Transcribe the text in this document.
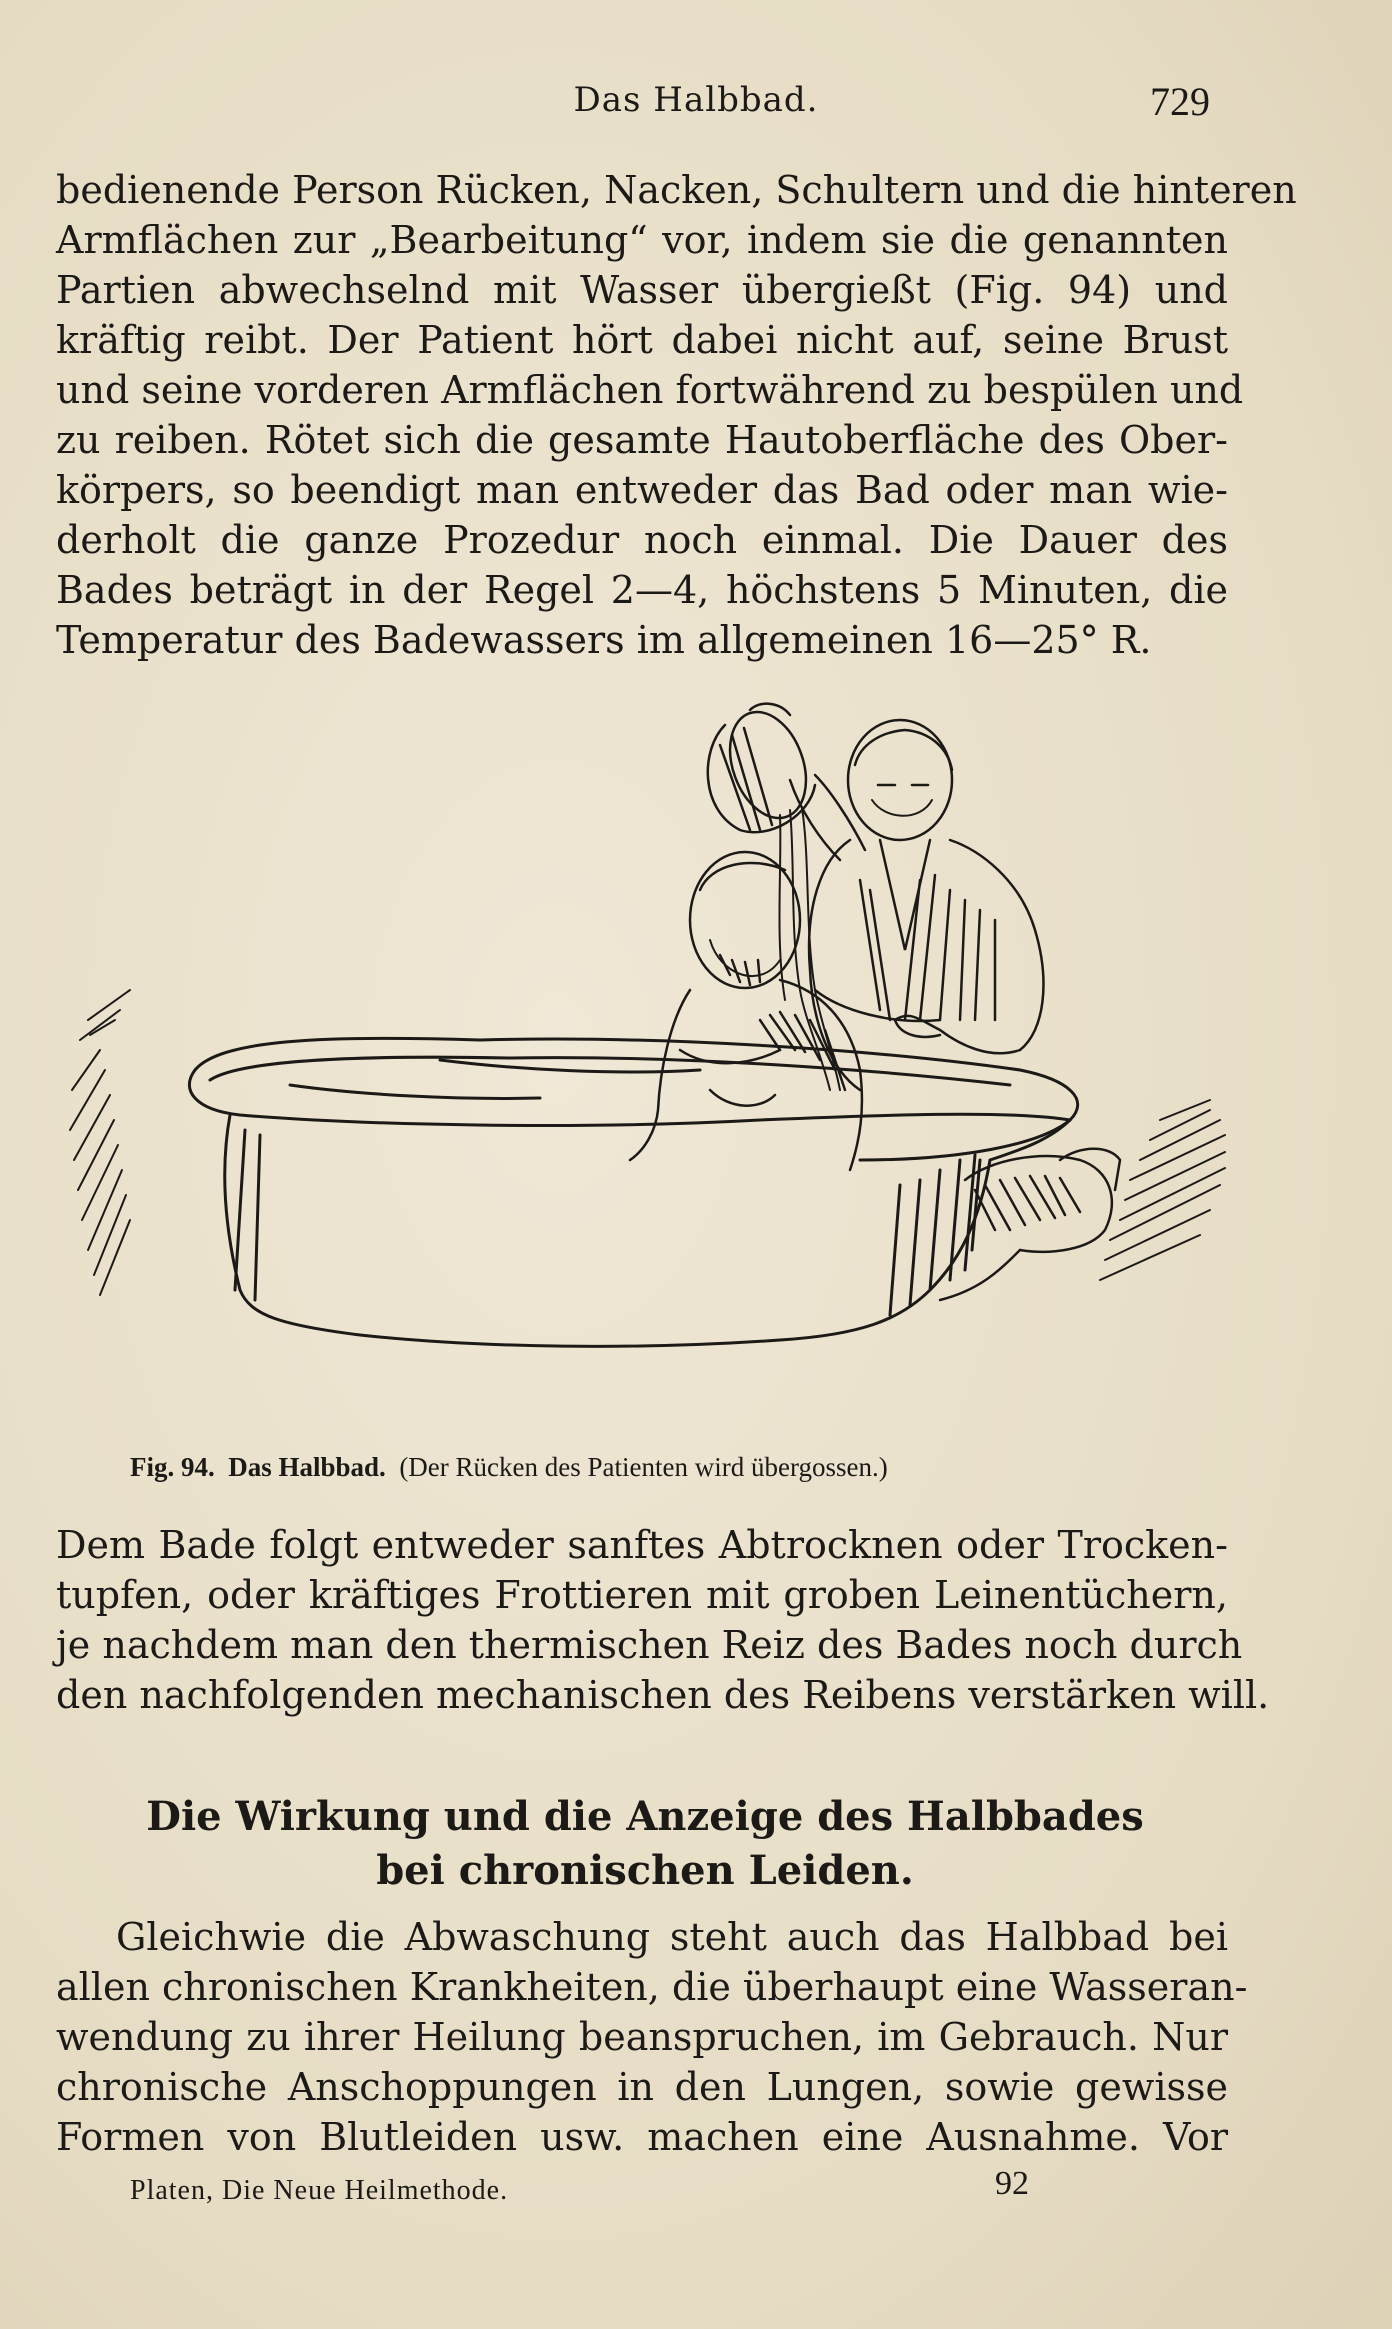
Das Halbbad.	729
bedienende Person Rücken, Nacken, Schultern und die hinteren
Armflächen zur „Bearbeitung“ vor, indem sie die genannten
Partien abwechselnd mit Wasser übergießt (Fig. 94) und
kräftig reibt. Der Patient hört dabei nicht auf, seine Brust
und seine vorderen Armflächen fortwährend zu bespülen und
zu reiben. Rötet sich die gesamte Hautoberfläche des Ober-
körpers, so beendigt man entweder das Bad oder man wie-
derholt die ganze Prozedur noch einmal. Die Dauer des
Bades beträgt in der Regel 2—4, höchstens 5 Minuten, die
Temperatur des Badewassers im allgemeinen 16—25° R.
Fig. 94. Das Halbbad. (Der Rücken des Patienten wird übergossen.)
Dem Bade folgt entweder sanftes Abtrocknen oder Trocken-
tupfen, oder kräftiges Frottieren mit groben Leinentüchern,
je nachdem man den thermischen Reiz des Bades noch durch
den nachfolgenden mechanischen des Reibens verstärken will.
Die Wirkung und die Anzeige des Halbbades
bei chronischen Leiden.
Gleichwie die Abwaschung steht auch das Halbbad bei
allen chronischen Krankheiten, die überhaupt eine Wasseran-
wendung zu ihrer Heilung beanspruchen, im Gebrauch. Nur
chronische Anschoppungen in den Lungen, sowie gewisse
Formen von Blutleiden usw. machen eine Ausnahme. Vor
Platen, Die Neue Heilmethode.	92
